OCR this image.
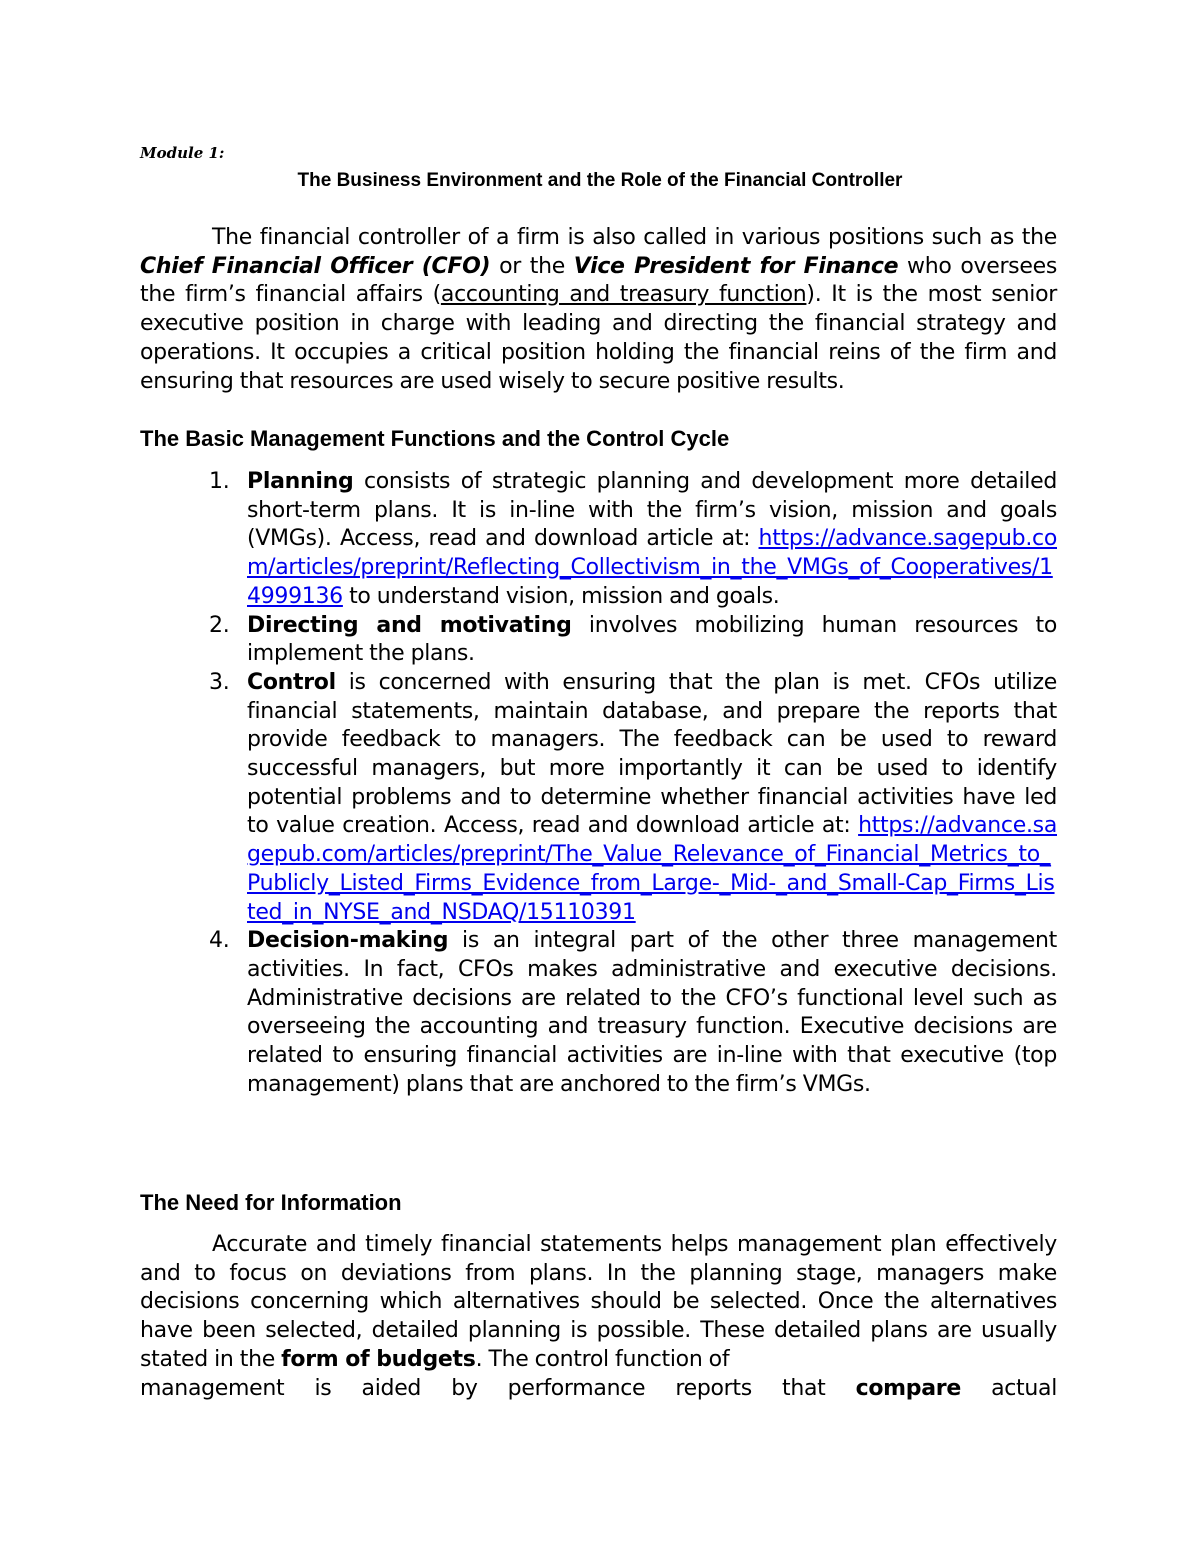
Module 1:
The Business Environment and the Role of the Financial Controller

The financial controller of a firm is also called in various positions such as the Chief Financial Officer (CFO) or the Vice President for Finance who oversees the firm’s financial affairs (accounting and treasury function). It is the most senior executive position in charge with leading and directing the financial strategy and operations. It occupies a critical position holding the financial reins of the firm and ensuring that resources are used wisely to secure positive results.

The Basic Management Functions and the Control Cycle
1. Planning consists of strategic planning and development more detailed short-term plans. It is in-line with the firm’s vision, mission and goals (VMGs). Access, read and download article at: https://advance.sagepub.com/articles/preprint/Reflecting_Collectivism_in_the_VMGs_of_Cooperatives/14999136 to understand vision, mission and goals.
2. Directing and motivating involves mobilizing human resources to implement the plans.
3. Control is concerned with ensuring that the plan is met. CFOs utilize financial statements, maintain database, and prepare the reports that provide feedback to managers. The feedback can be used to reward successful managers, but more importantly it can be used to identify potential problems and to determine whether financial activities have led to value creation. Access, read and download article at: https://advance.sagepub.com/articles/preprint/The_Value_Relevance_of_Financial_Metrics_to_Publicly_Listed_Firms_Evidence_from_Large-_Mid-_and_Small-Cap_Firms_Listed_in_NYSE_and_NSDAQ/15110391
4. Decision-making is an integral part of the other three management activities. In fact, CFOs makes administrative and executive decisions. Administrative decisions are related to the CFO’s functional level such as overseeing the accounting and treasury function. Executive decisions are related to ensuring financial activities are in-line with that executive (top management) plans that are anchored to the firm’s VMGs.
The Need for Information

Accurate and timely financial statements helps management plan effectively and to focus on deviations from plans. In the planning stage, managers make decisions concerning which alternatives should be selected. Once the alternatives have been selected, detailed planning is possible. These detailed plans are usually stated in the form of budgets. The control function of
management is aided by performance reports that compare actual
